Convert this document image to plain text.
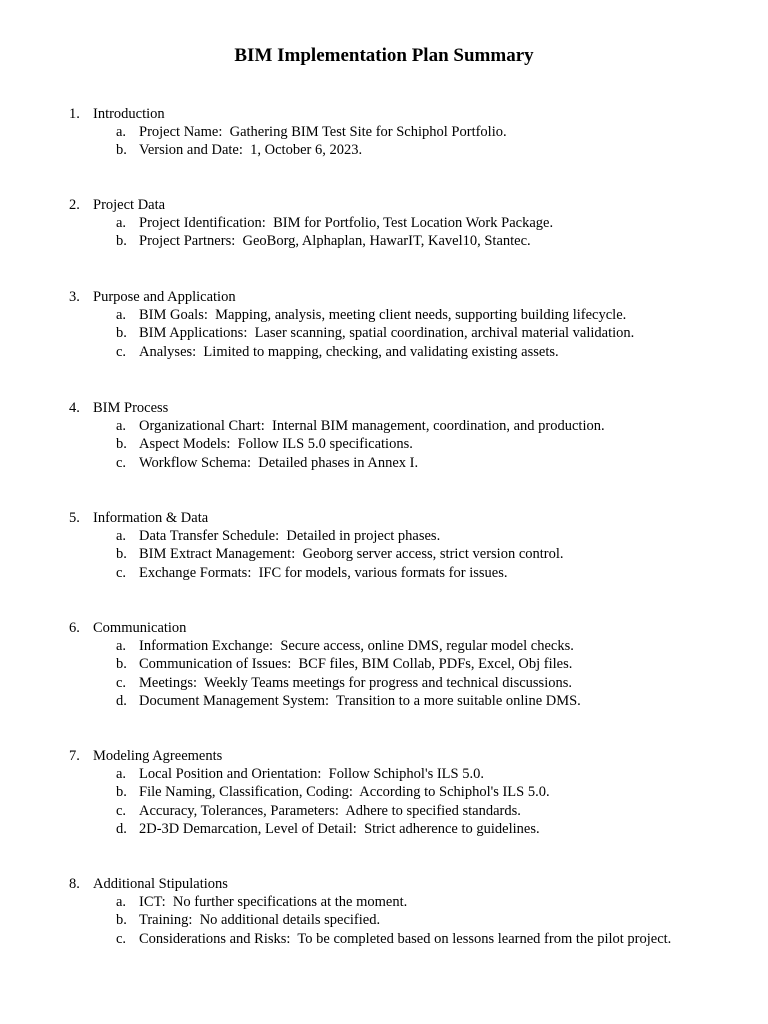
BIM Implementation Plan Summary
1. Introduction
a. Project Name:  Gathering BIM Test Site for Schiphol Portfolio.
b. Version and Date:  1, October 6, 2023.
2. Project Data
a. Project Identification:  BIM for Portfolio, Test Location Work Package.
b. Project Partners:  GeoBorg, Alphaplan, HawarIT, Kavel10, Stantec.
3. Purpose and Application
a. BIM Goals:  Mapping, analysis, meeting client needs, supporting building lifecycle.
b. BIM Applications:  Laser scanning, spatial coordination, archival material validation.
c. Analyses:  Limited to mapping, checking, and validating existing assets.
4. BIM Process
a. Organizational Chart:  Internal BIM management, coordination, and production.
b. Aspect Models:  Follow ILS 5.0 specifications.
c. Workflow Schema:  Detailed phases in Annex I.
5. Information & Data
a. Data Transfer Schedule:  Detailed in project phases.
b. BIM Extract Management:  Geoborg server access, strict version control.
c. Exchange Formats:  IFC for models, various formats for issues.
6. Communication
a. Information Exchange:  Secure access, online DMS, regular model checks.
b. Communication of Issues:  BCF files, BIM Collab, PDFs, Excel, Obj files.
c. Meetings:  Weekly Teams meetings for progress and technical discussions.
d. Document Management System:  Transition to a more suitable online DMS.
7. Modeling Agreements
a. Local Position and Orientation:  Follow Schiphol's ILS 5.0.
b. File Naming, Classification, Coding:  According to Schiphol's ILS 5.0.
c. Accuracy, Tolerances, Parameters:  Adhere to specified standards.
d. 2D-3D Demarcation, Level of Detail:  Strict adherence to guidelines.
8. Additional Stipulations
a. ICT:  No further specifications at the moment.
b. Training:  No additional details specified.
c. Considerations and Risks:  To be completed based on lessons learned from the pilot project.
